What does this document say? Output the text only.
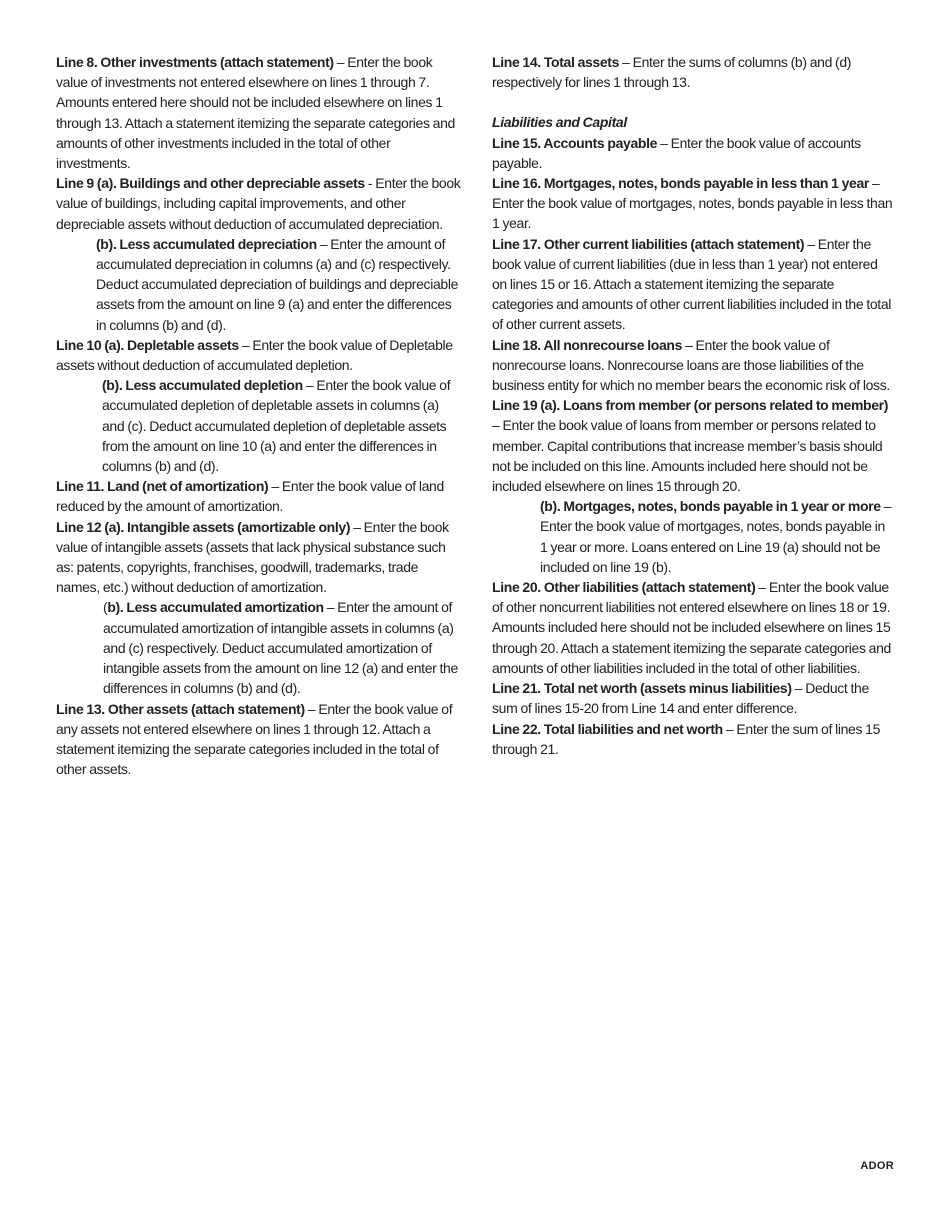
Line 8. Other investments (attach statement) – Enter the book value of investments not entered elsewhere on lines 1 through 7. Amounts entered here should not be included elsewhere on lines 1 through 13. Attach a statement itemizing the separate categories and amounts of other investments included in the total of other investments.

Line 9 (a). Buildings and other depreciable assets - Enter the book value of buildings, including capital improvements, and other depreciable assets without deduction of accumulated depreciation.

(b). Less accumulated depreciation – Enter the amount of accumulated depreciation in columns (a) and (c) respectively. Deduct accumulated depreciation of buildings and depreciable assets from the amount on line 9 (a) and enter the differences in columns (b) and (d).

Line 10 (a). Depletable assets – Enter the book value of Depletable assets without deduction of accumulated depletion.

(b). Less accumulated depletion – Enter the book value of accumulated depletion of depletable assets in columns (a) and (c). Deduct accumulated depletion of depletable assets from the amount on line 10 (a) and enter the differences in columns (b) and (d).

Line 11. Land (net of amortization) – Enter the book value of land reduced by the amount of amortization.

Line 12 (a). Intangible assets (amortizable only) – Enter the book value of intangible assets (assets that lack physical substance such as: patents, copyrights, franchises, goodwill, trademarks, trade names, etc.) without deduction of amortization.

(b). Less accumulated amortization – Enter the amount of accumulated amortization of intangible assets in columns (a) and (c) respectively. Deduct accumulated amortization of intangible assets from the amount on line 12 (a) and enter the differences in columns (b) and (d).

Line 13. Other assets (attach statement) – Enter the book value of any assets not entered elsewhere on lines 1 through 12. Attach a statement itemizing the separate categories included in the total of other assets.

Line 14. Total assets – Enter the sums of columns (b) and (d) respectively for lines 1 through 13.

Liabilities and Capital

Line 15. Accounts payable – Enter the book value of accounts payable.

Line 16. Mortgages, notes, bonds payable in less than 1 year – Enter the book value of mortgages, notes, bonds payable in less than 1 year.

Line 17. Other current liabilities (attach statement) – Enter the book value of current liabilities (due in less than 1 year) not entered on lines 15 or 16. Attach a statement itemizing the separate categories and amounts of other current liabilities included in the total of other current assets.

Line 18. All nonrecourse loans – Enter the book value of nonrecourse loans. Nonrecourse loans are those liabilities of the business entity for which no member bears the economic risk of loss.

Line 19 (a). Loans from member (or persons related to member) – Enter the book value of loans from member or persons related to member. Capital contributions that increase member’s basis should not be included on this line. Amounts included here should not be included elsewhere on lines 15 through 20.

(b). Mortgages, notes, bonds payable in 1 year or more – Enter the book value of mortgages, notes, bonds payable in 1 year or more. Loans entered on Line 19 (a) should not be included on line 19 (b).

Line 20. Other liabilities (attach statement) – Enter the book value of other noncurrent liabilities not entered elsewhere on lines 18 or 19. Amounts included here should not be included elsewhere on lines 15 through 20. Attach a statement itemizing the separate categories and amounts of other liabilities included in the total of other liabilities.

Line 21. Total net worth (assets minus liabilities) – Deduct the sum of lines 15-20 from Line 14 and enter difference.

Line 22. Total liabilities and net worth – Enter the sum of lines 15 through 21.

ADOR
